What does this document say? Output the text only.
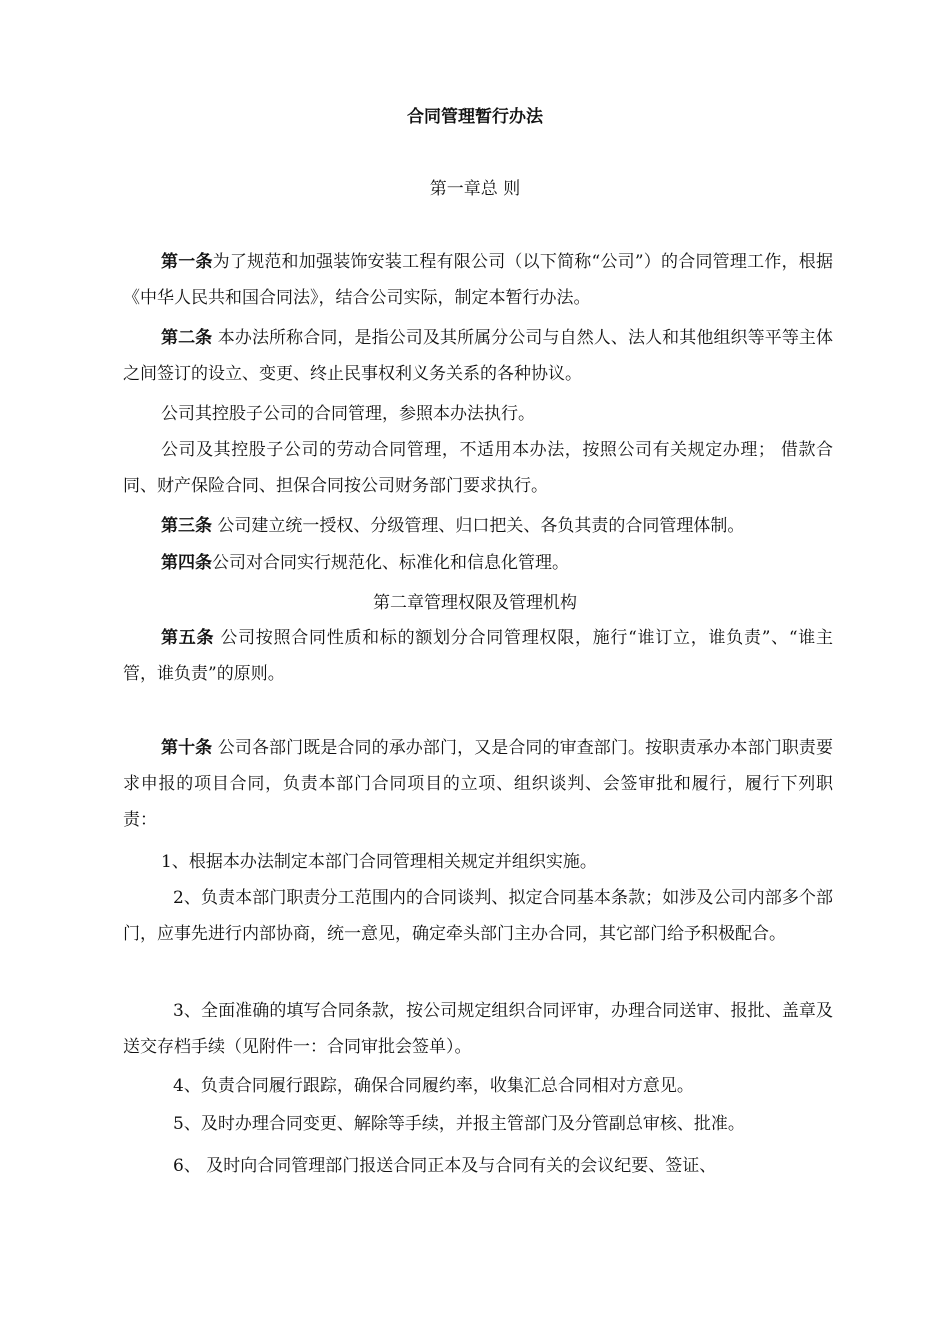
合同管理暂行办法
第一章总 则
第一条为了规范和加强装饰安装工程有限公司（以下简称“公司”）的合同管理工作，根据《中华人民共和国合同法》，结合公司实际，制定本暂行办法。
第二条 本办法所称合同，是指公司及其所属分公司与自然人、法人和其他组织等平等主体之间签订的设立、变更、终止民事权利义务关系的各种协议。
公司其控股子公司的合同管理，参照本办法执行。
公司及其控股子公司的劳动合同管理，不适用本办法，按照公司有关规定办理； 借款合同、财产保险合同、担保合同按公司财务部门要求执行。
第三条 公司建立统一授权、分级管理、归口把关、各负其责的合同管理体制。
第四条公司对合同实行规范化、标准化和信息化管理。
第二章管理权限及管理机构
第五条 公司按照合同性质和标的额划分合同管理权限，施行“谁订立，谁负责”、“谁主管，谁负责”的原则。
第十条 公司各部门既是合同的承办部门，又是合同的审查部门。按职责承办本部门职责要求申报的项目合同，负责本部门合同项目的立项、组织谈判、会签审批和履行，履行下列职责：
1、根据本办法制定本部门合同管理相关规定并组织实施。
2、负责本部门职责分工范围内的合同谈判、拟定合同基本条款；如涉及公司内部多个部门，应事先进行内部协商，统一意见，确定牵头部门主办合同，其它部门给予积极配合。
3、全面准确的填写合同条款，按公司规定组织合同评审，办理合同送审、报批、盖章及送交存档手续（见附件一：合同审批会签单）。
4、负责合同履行跟踪，确保合同履约率，收集汇总合同相对方意见。
5、及时办理合同变更、解除等手续，并报主管部门及分管副总审核、批准。
6、 及时向合同管理部门报送合同正本及与合同有关的会议纪要、签证、
